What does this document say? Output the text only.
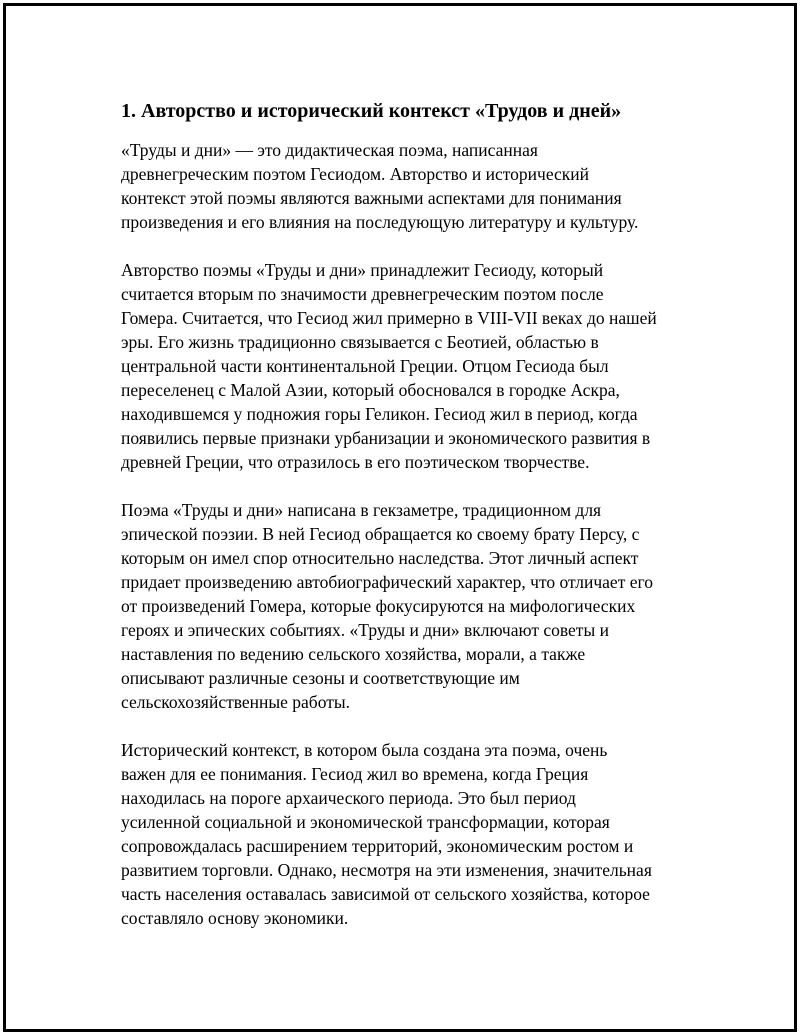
1. Авторство и исторический контекст «Трудов и дней»

«Труды и дни» — это дидактическая поэма, написанная
древнегреческим поэтом Гесиодом. Авторство и исторический
контекст этой поэмы являются важными аспектами для понимания
произведения и его влияния на последующую литературу и культуру.

Авторство поэмы «Труды и дни» принадлежит Гесиоду, который
считается вторым по значимости древнегреческим поэтом после
Гомера. Считается, что Гесиод жил примерно в VIII-VII веках до нашей
эры. Его жизнь традиционно связывается с Беотией, областью в
центральной части континентальной Греции. Отцом Гесиода был
переселенец с Малой Азии, который обосновался в городке Аскра,
находившемся у подножия горы Геликон. Гесиод жил в период, когда
появились первые признаки урбанизации и экономического развития в
древней Греции, что отразилось в его поэтическом творчестве.

Поэма «Труды и дни» написана в гекзаметре, традиционном для
эпической поэзии. В ней Гесиод обращается ко своему брату Персу, с
которым он имел спор относительно наследства. Этот личный аспект
придает произведению автобиографический характер, что отличает его
от произведений Гомера, которые фокусируются на мифологических
героях и эпических событиях. «Труды и дни» включают советы и
наставления по ведению сельского хозяйства, морали, а также
описывают различные сезоны и соответствующие им
сельскохозяйственные работы.

Исторический контекст, в котором была создана эта поэма, очень
важен для ее понимания. Гесиод жил во времена, когда Греция
находилась на пороге архаического периода. Это был период
усиленной социальной и экономической трансформации, которая
сопровождалась расширением территорий, экономическим ростом и
развитием торговли. Однако, несмотря на эти изменения, значительная
часть населения оставалась зависимой от сельского хозяйства, которое
составляло основу экономики.
